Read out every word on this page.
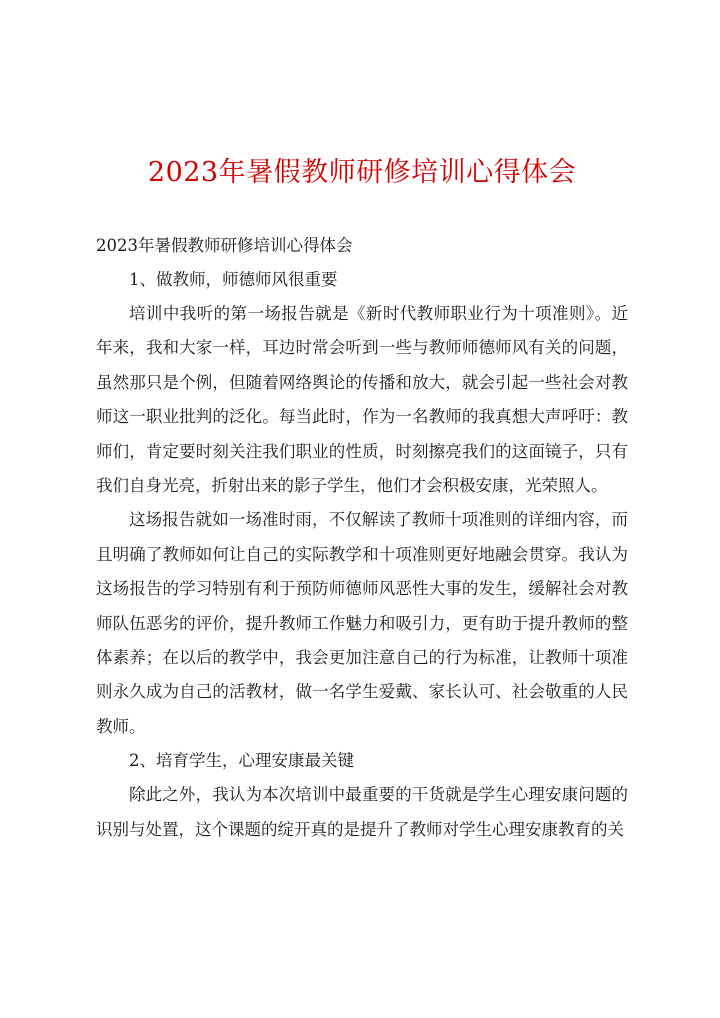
2023年暑假教师研修培训心得体会

2023年暑假教师研修培训心得体会

1、做教师，师德师风很重要

培训中我听的第一场报告就是《新时代教师职业行为十项准则》。近年来，我和大家一样，耳边时常会听到一些与教师师德师风有关的问题，虽然那只是个例，但随着网络舆论的传播和放大，就会引起一些社会对教师这一职业批判的泛化。每当此时，作为一名教师的我真想大声呼吁：教师们，肯定要时刻关注我们职业的性质，时刻擦亮我们的这面镜子，只有我们自身光亮，折射出来的影子学生，他们才会积极安康，光荣照人。

这场报告就如一场准时雨，不仅解读了教师十项准则的详细内容，而且明确了教师如何让自己的实际教学和十项准则更好地融会贯穿。我认为这场报告的学习特别有利于预防师德师风恶性大事的发生，缓解社会对教师队伍恶劣的评价，提升教师工作魅力和吸引力，更有助于提升教师的整体素养；在以后的教学中，我会更加注意自己的行为标准，让教师十项准则永久成为自己的活教材，做一名学生爱戴、家长认可、社会敬重的人民教师。

2、培育学生，心理安康最关键

除此之外，我认为本次培训中最重要的干货就是学生心理安康问题的识别与处置，这个课题的绽开真的是提升了教师对学生心理安康教育的关
